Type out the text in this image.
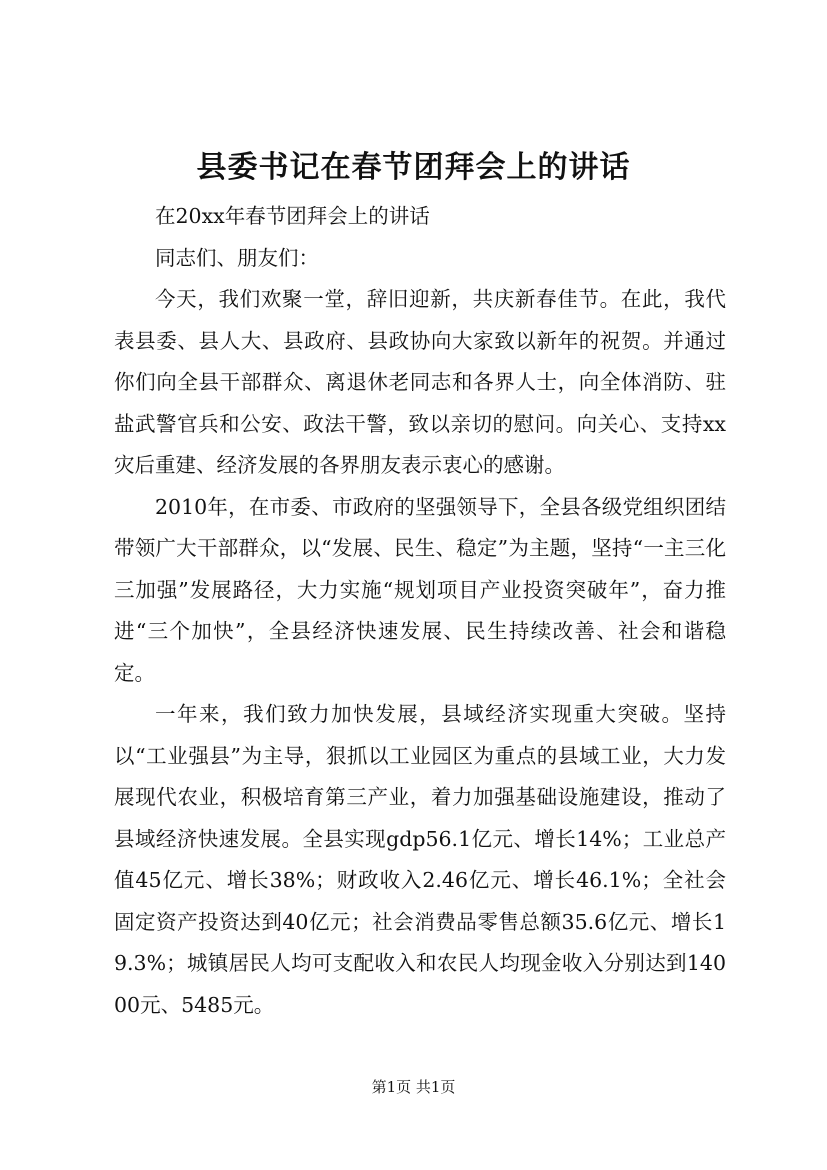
县委书记在春节团拜会上的讲话

在20xx年春节团拜会上的讲话

同志们、朋友们：

今天，我们欢聚一堂，辞旧迎新，共庆新春佳节。在此，我代表县委、县人大、县政府、县政协向大家致以新年的祝贺。并通过你们向全县干部群众、离退休老同志和各界人士，向全体消防、驻盐武警官兵和公安、政法干警，致以亲切的慰问。向关心、支持xx灾后重建、经济发展的各界朋友表示衷心的感谢。

2010年，在市委、市政府的坚强领导下，全县各级党组织团结带领广大干部群众，以“发展、民生、稳定”为主题，坚持“一主三化三加强”发展路径，大力实施“规划项目产业投资突破年”，奋力推进“三个加快”，全县经济快速发展、民生持续改善、社会和谐稳定。

一年来，我们致力加快发展，县域经济实现重大突破。坚持以“工业强县”为主导，狠抓以工业园区为重点的县域工业，大力发展现代农业，积极培育第三产业，着力加强基础设施建设，推动了县域经济快速发展。全县实现gdp56.1亿元、增长14%；工业总产值45亿元、增长38%；财政收入2.46亿元、增长46.1%；全社会固定资产投资达到40亿元；社会消费品零售总额35.6亿元、增长19.3%；城镇居民人均可支配收入和农民人均现金收入分别达到14000元、5485元。

第1页 共1页
